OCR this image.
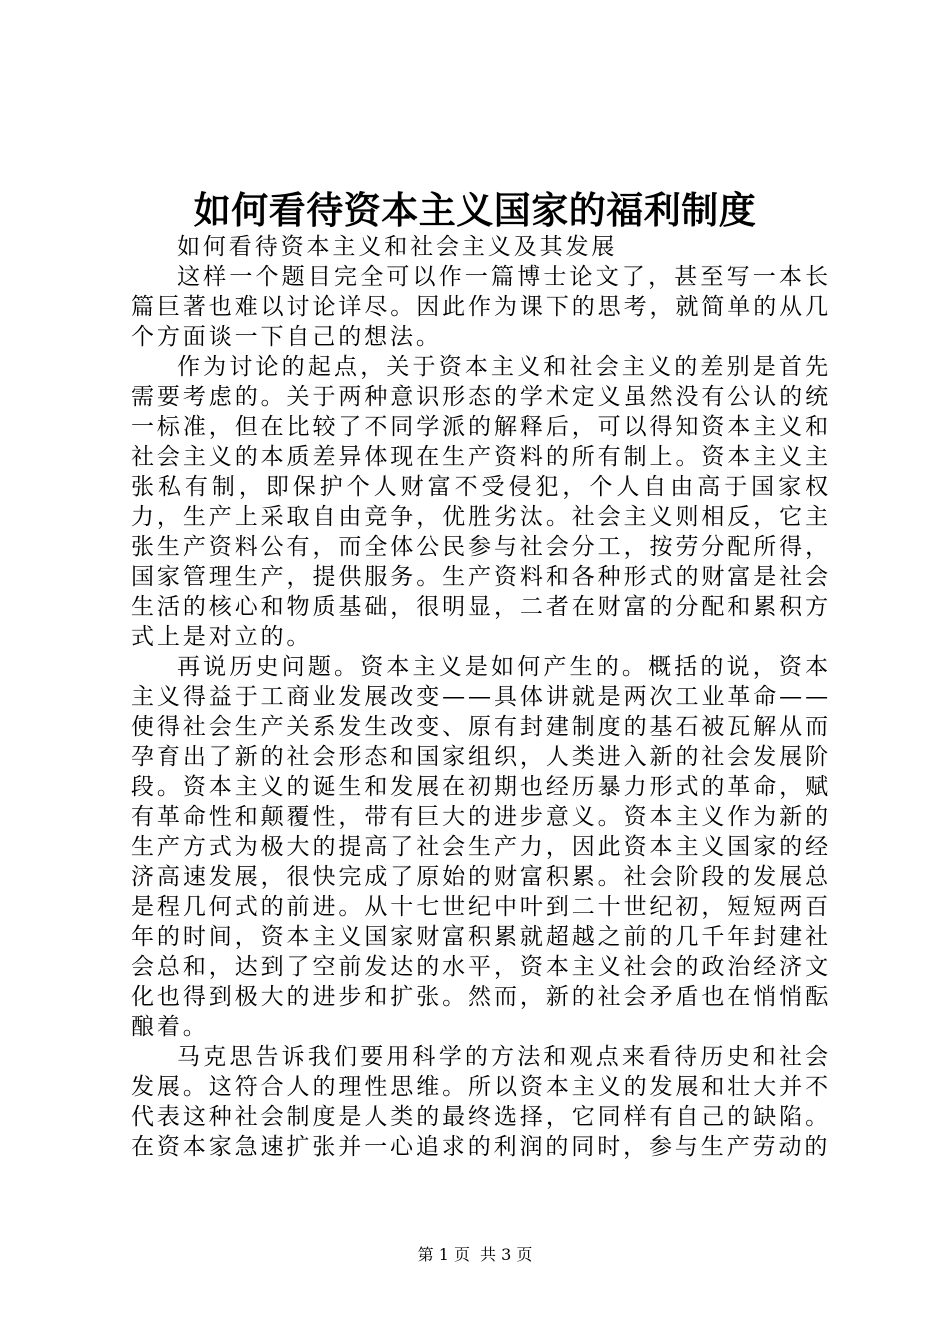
如何看待资本主义国家的福利制度

如何看待资本主义和社会主义及其发展

这样一个题目完全可以作一篇博士论文了，甚至写一本长篇巨著也难以讨论详尽。因此作为课下的思考，就简单的从几个方面谈一下自己的想法。

作为讨论的起点，关于资本主义和社会主义的差别是首先需要考虑的。关于两种意识形态的学术定义虽然没有公认的统一标准，但在比较了不同学派的解释后，可以得知资本主义和社会主义的本质差异体现在生产资料的所有制上。资本主义主张私有制，即保护个人财富不受侵犯，个人自由高于国家权力，生产上采取自由竞争，优胜劣汰。社会主义则相反，它主张生产资料公有，而全体公民参与社会分工，按劳分配所得，国家管理生产，提供服务。生产资料和各种形式的财富是社会生活的核心和物质基础，很明显，二者在财富的分配和累积方式上是对立的。

再说历史问题。资本主义是如何产生的。概括的说，资本主义得益于工商业发展改变——具体讲就是两次工业革命——使得社会生产关系发生改变、原有封建制度的基石被瓦解从而孕育出了新的社会形态和国家组织，人类进入新的社会发展阶段。资本主义的诞生和发展在初期也经历暴力形式的革命，赋有革命性和颠覆性，带有巨大的进步意义。资本主义作为新的生产方式为极大的提高了社会生产力，因此资本主义国家的经济高速发展，很快完成了原始的财富积累。社会阶段的发展总是程几何式的前进。从十七世纪中叶到二十世纪初，短短两百年的时间，资本主义国家财富积累就超越之前的几千年封建社会总和，达到了空前发达的水平，资本主义社会的政治经济文化也得到极大的进步和扩张。然而，新的社会矛盾也在悄悄酝酿着。

马克思告诉我们要用科学的方法和观点来看待历史和社会发展。这符合人的理性思维。所以资本主义的发展和壮大并不代表这种社会制度是人类的最终选择，它同样有自己的缺陷。在资本家急速扩张并一心追求的利润的同时，参与生产劳动的

第 1 页 共 3 页
